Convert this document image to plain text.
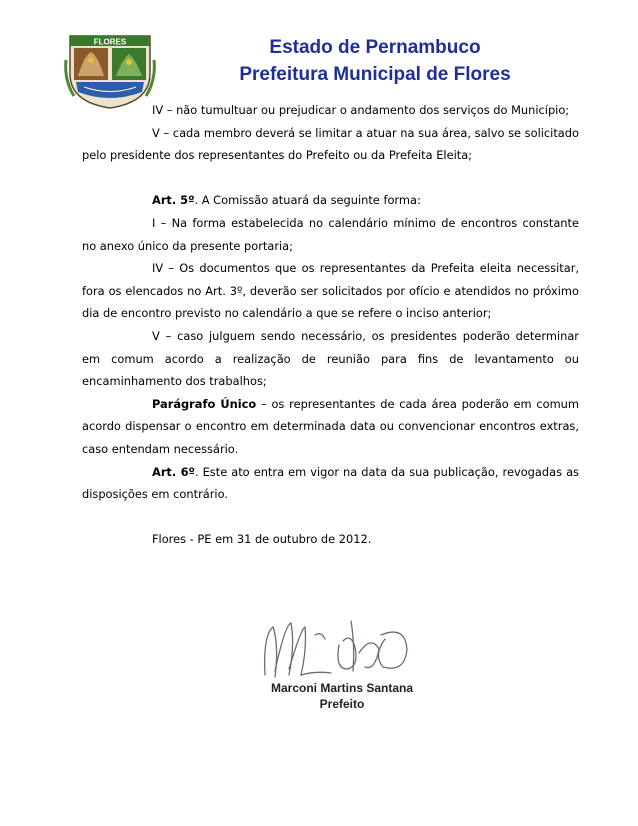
FLORES	Estado de Pernambuco
Prefeitura Municipal de Flores

IV – não tumultuar ou prejudicar o andamento dos serviços do Município;

V – cada membro deverá se limitar a atuar na sua área, salvo se solicitado pelo presidente dos representantes do Prefeito ou da Prefeita Eleita;

Art. 5º. A Comissão atuará da seguinte forma:

I – Na forma estabelecida no calendário mínimo de encontros constante no anexo único da presente portaria;

IV – Os documentos que os representantes da Prefeita eleita necessitar, fora os elencados no Art. 3º, deverão ser solicitados por ofício e atendidos no próximo dia de encontro previsto no calendário a que se refere o inciso anterior;

V – caso julguem sendo necessário, os presidentes poderão determinar em comum acordo a realização de reunião para fins de levantamento ou encaminhamento dos trabalhos;

Parágrafo Único – os representantes de cada área poderão em comum acordo dispensar o encontro em determinada data ou convencionar encontros extras, caso entendam necessário.

Art. 6º. Este ato entra em vigor na data da sua publicação, revogadas as disposições em contrário.

Flores - PE em 31 de outubro de 2012.

Marconi Martins Santana
Prefeito
